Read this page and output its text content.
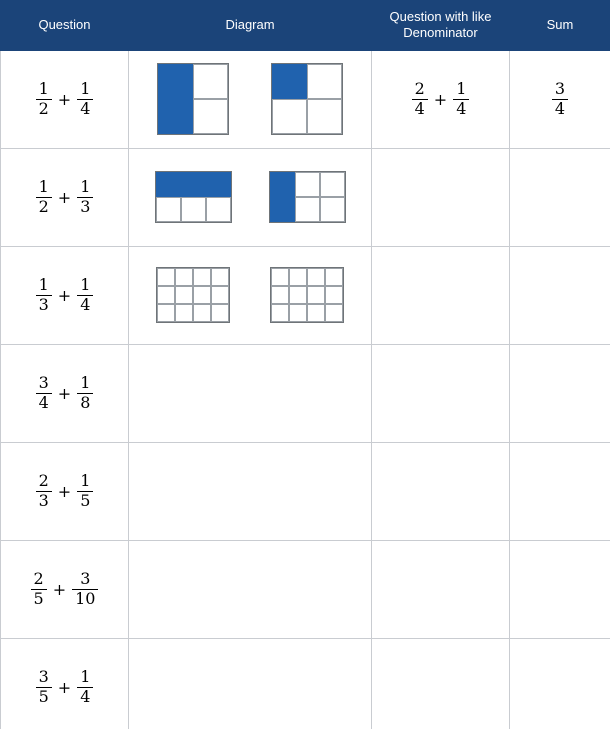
Question	Diagram	Question with like Denominator	Sum

$\frac{1}{2} + \frac{1}{4}$		$\frac{2}{4} + \frac{1}{4}$	$\frac{3}{4}$

$\frac{1}{2} + \frac{1}{3}$

$\frac{1}{3} + \frac{1}{4}$

$\frac{3}{4} + \frac{1}{8}$

$\frac{2}{3} + \frac{1}{5}$

$\frac{2}{5} + \frac{3}{10}$

$\frac{3}{5} + \frac{1}{4}$
